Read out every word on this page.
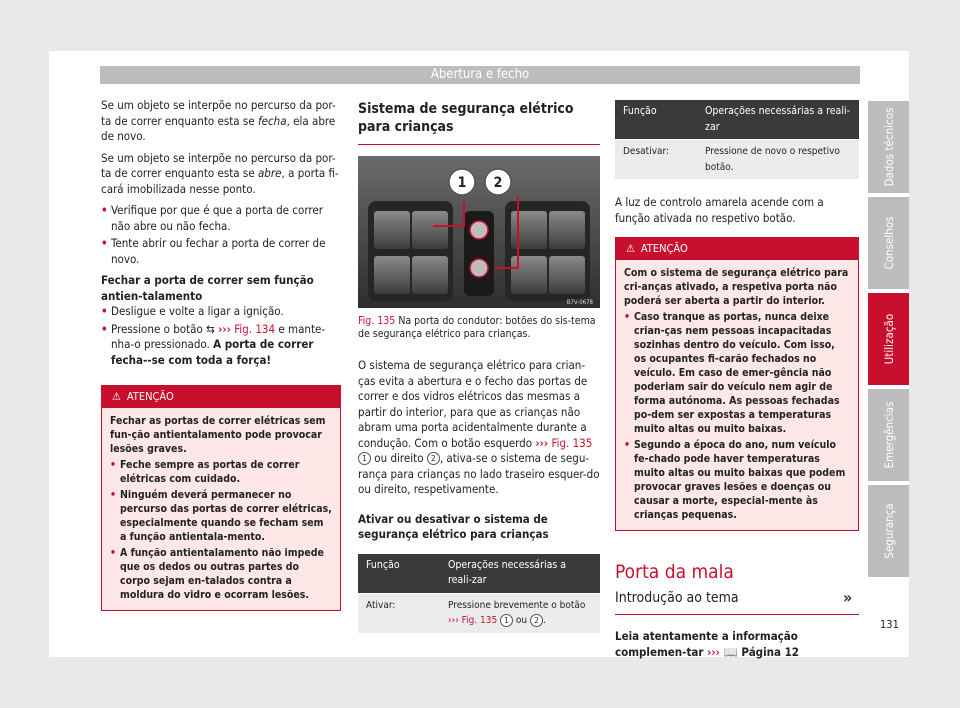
Abertura e fecho

Se um objeto se interpõe no percurso da por- ta de correr enquanto esta se fecha, ela abre de novo.

Se um objeto se interpõe no percurso da por- ta de correr enquanto esta se abre, a porta fi-cará imobilizada nesse ponto.

• Verifique por que é que a porta de correr não abre ou não fecha.
• Tente abrir ou fechar a porta de correr de novo.
Fechar a porta de correr sem função antien-talamento
• Desligue e volte a ligar a ignição.
• Pressione o botão ⇆ ››› Fig. 134 e mante-nha-o pressionado. A porta de correr fecha--se com toda a força!
⚠ ATENÇÃO

Fechar as portas de correr elétricas sem fun-ção antientalamento pode provocar lesões graves.

• Feche sempre as portas de correr elétricas com cuidado.
• Ninguém deverá permanecer no percurso das portas de correr elétricas, especialmente quando se fecham sem a função antientala-mento.
• A função antientalamento não impede que os dedos ou outras partes do corpo sejam en-talados contra a moldura do vidro e ocorram lesões.
Sistema de segurança elétrico para crianças
1 2
B7V-0678
Fig. 135 Na porta do condutor: botões do sis-tema de segurança elétrico para crianças.
O sistema de segurança elétrico para crian-ças evita a abertura e o fecho das portas de correr e dos vidros elétricos das mesmas a partir do interior, para que as crianças não abram uma porta acidentalmente durante a condução. Com o botão esquerdo ››› Fig. 135 1 ou direito 2 , ativa-se o sistema de segu-rança para crianças no lado traseiro esquer-do ou direito, respetivamente.
Ativar ou desativar o sistema de segurança elétrico para crianças
Função	Operações necessárias a reali-zar
Ativar:	Pressione brevemente o botão
››› Fig. 135 1 ou 2 .
Função	Operações necessárias a reali-zar
Desativar:	Pressione de novo o respetivo botão.

A luz de controlo amarela acende com a função ativada no respetivo botão.

⚠ ATENÇÃO

Com o sistema de segurança elétrico para cri-anças ativado, a respetiva porta não poderá ser aberta a partir do interior.

• Caso tranque as portas, nunca deixe crian-ças nem pessoas incapacitadas sozinhas dentro do veículo. Com isso, os ocupantes fi-carão fechados no veículo. Em caso de emer-gência não poderiam sair do veículo nem agir de forma autónoma. As pessoas fechadas po-dem ser expostas a temperaturas muito altas ou muito baixas.
• Segundo a época do ano, num veículo fe-chado pode haver temperaturas muito altas ou muito baixas que podem provocar graves lesões e doenças ou causar a morte, especial-mente às crianças pequenas.
Porta da mala
Introdução ao tema
Leia atentamente a informação complemen-tar ››› 📖 Página 12
»
Dados técnicos
Conselhos
Utilização
Emergências
Segurança
131
